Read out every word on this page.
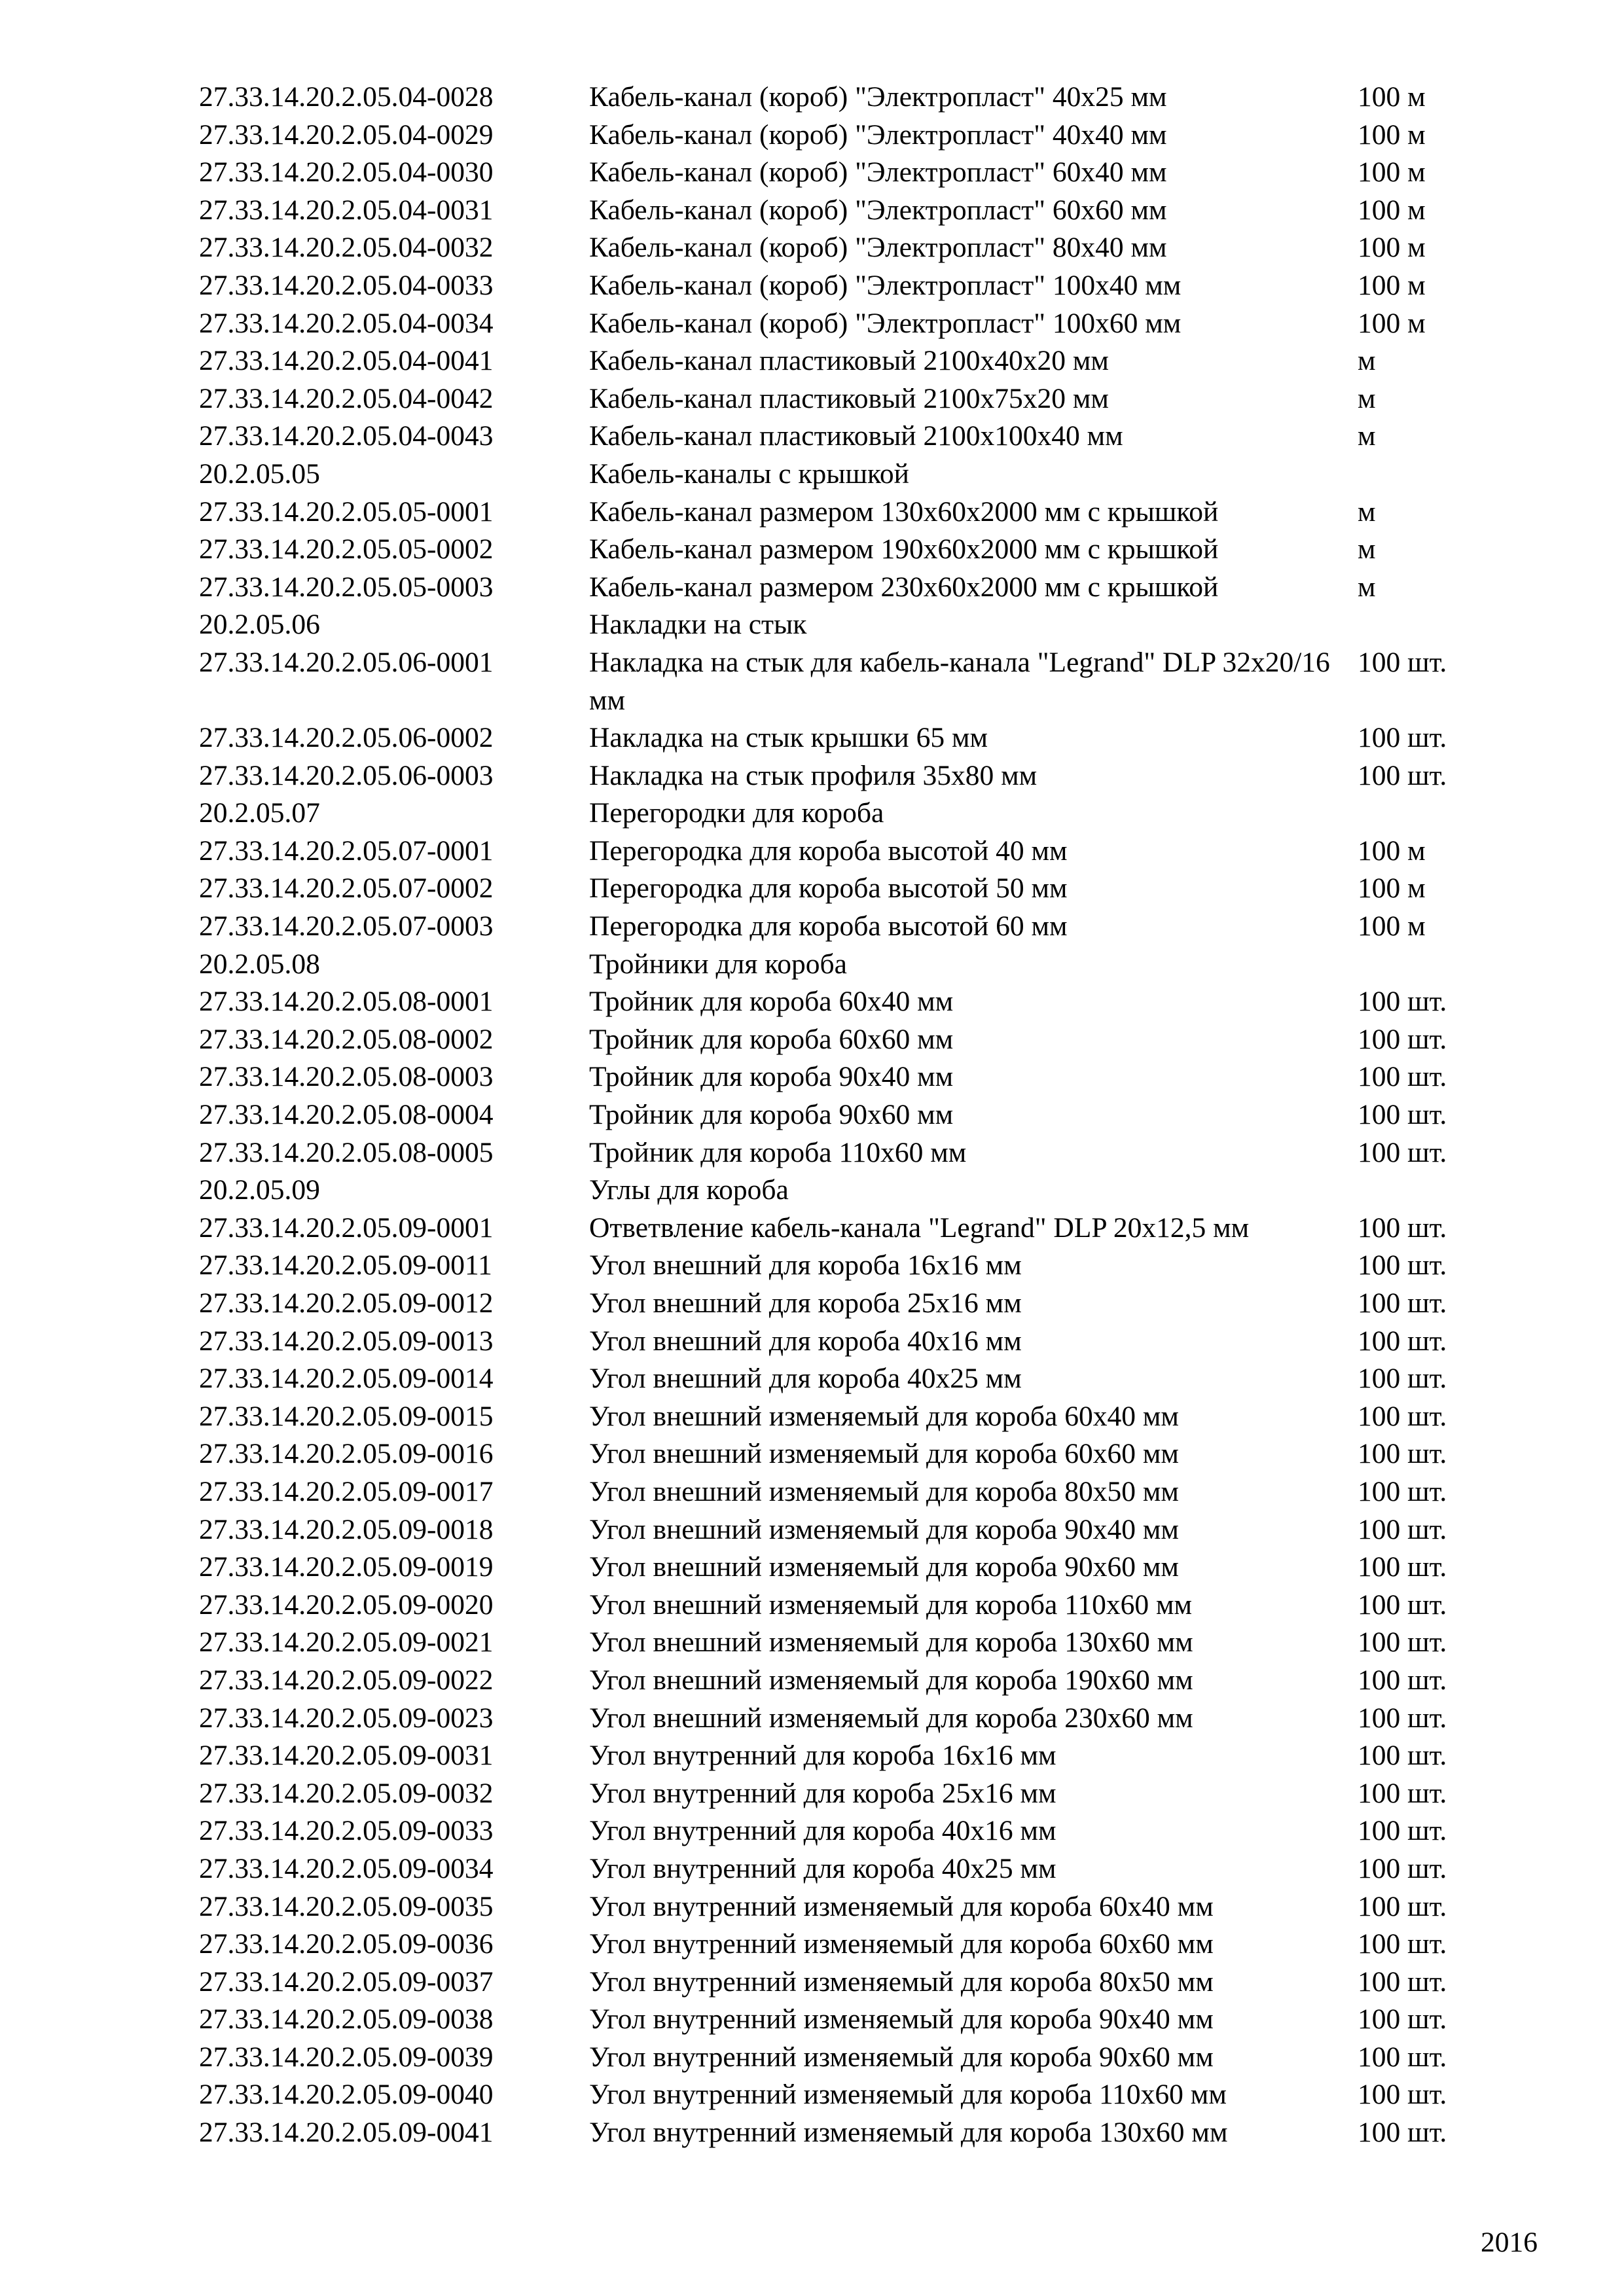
27.33.14.20.2.05.04-0028	Кабель-канал (короб) "Электропласт" 40х25 мм	100 м
27.33.14.20.2.05.04-0029	Кабель-канал (короб) "Электропласт" 40х40 мм	100 м
27.33.14.20.2.05.04-0030	Кабель-канал (короб) "Электропласт" 60х40 мм	100 м
27.33.14.20.2.05.04-0031	Кабель-канал (короб) "Электропласт" 60х60 мм	100 м
27.33.14.20.2.05.04-0032	Кабель-канал (короб) "Электропласт" 80х40 мм	100 м
27.33.14.20.2.05.04-0033	Кабель-канал (короб) "Электропласт" 100х40 мм	100 м
27.33.14.20.2.05.04-0034	Кабель-канал (короб) "Электропласт" 100х60 мм	100 м
27.33.14.20.2.05.04-0041	Кабель-канал пластиковый 2100х40х20 мм	м
27.33.14.20.2.05.04-0042	Кабель-канал пластиковый 2100х75х20 мм	м
27.33.14.20.2.05.04-0043	Кабель-канал пластиковый 2100х100х40 мм	м
20.2.05.05	Кабель-каналы с крышкой
27.33.14.20.2.05.05-0001	Кабель-канал размером 130х60х2000 мм с крышкой	м
27.33.14.20.2.05.05-0002	Кабель-канал размером 190х60х2000 мм с крышкой	м
27.33.14.20.2.05.05-0003	Кабель-канал размером 230х60х2000 мм с крышкой	м
20.2.05.06	Накладки на стык
27.33.14.20.2.05.06-0001	Накладка на стык для кабель-канала "Legrand" DLP 32х20/16 мм
100 шт.
27.33.14.20.2.05.06-0002	Накладка на стык крышки 65 мм	100 шт.
27.33.14.20.2.05.06-0003	Накладка на стык профиля 35х80 мм	100 шт.
20.2.05.07	Перегородки для короба
27.33.14.20.2.05.07-0001	Перегородка для короба высотой 40 мм	100 м
27.33.14.20.2.05.07-0002	Перегородка для короба высотой 50 мм	100 м
27.33.14.20.2.05.07-0003	Перегородка для короба высотой 60 мм	100 м
20.2.05.08	Тройники для короба
27.33.14.20.2.05.08-0001	Тройник для короба 60х40 мм	100 шт.
27.33.14.20.2.05.08-0002	Тройник для короба 60х60 мм	100 шт.
27.33.14.20.2.05.08-0003	Тройник для короба 90х40 мм	100 шт.
27.33.14.20.2.05.08-0004	Тройник для короба 90х60 мм	100 шт.
27.33.14.20.2.05.08-0005	Тройник для короба 110х60 мм	100 шт.
20.2.05.09	Углы для короба
27.33.14.20.2.05.09-0001	Ответвление кабель-канала "Legrand" DLP 20х12,5 мм	100 шт.
27.33.14.20.2.05.09-0011	Угол внешний для короба 16х16 мм	100 шт.
27.33.14.20.2.05.09-0012	Угол внешний для короба 25х16 мм	100 шт.
27.33.14.20.2.05.09-0013	Угол внешний для короба 40х16 мм	100 шт.
27.33.14.20.2.05.09-0014	Угол внешний для короба 40х25 мм	100 шт.
27.33.14.20.2.05.09-0015	Угол внешний изменяемый для короба 60х40 мм	100 шт.
27.33.14.20.2.05.09-0016	Угол внешний изменяемый для короба 60х60 мм	100 шт.
27.33.14.20.2.05.09-0017	Угол внешний изменяемый для короба 80х50 мм	100 шт.
27.33.14.20.2.05.09-0018	Угол внешний изменяемый для короба 90х40 мм	100 шт.
27.33.14.20.2.05.09-0019	Угол внешний изменяемый для короба 90х60 мм	100 шт.
27.33.14.20.2.05.09-0020	Угол внешний изменяемый для короба 110х60 мм	100 шт.
27.33.14.20.2.05.09-0021	Угол внешний изменяемый для короба 130х60 мм	100 шт.
27.33.14.20.2.05.09-0022	Угол внешний изменяемый для короба 190х60 мм	100 шт.
27.33.14.20.2.05.09-0023	Угол внешний изменяемый для короба 230х60 мм	100 шт.
27.33.14.20.2.05.09-0031	Угол внутренний для короба 16х16 мм	100 шт.
27.33.14.20.2.05.09-0032	Угол внутренний для короба 25х16 мм	100 шт.
27.33.14.20.2.05.09-0033	Угол внутренний для короба 40х16 мм	100 шт.
27.33.14.20.2.05.09-0034	Угол внутренний для короба 40х25 мм	100 шт.
27.33.14.20.2.05.09-0035	Угол внутренний изменяемый для короба 60х40 мм	100 шт.
27.33.14.20.2.05.09-0036	Угол внутренний изменяемый для короба 60х60 мм	100 шт.
27.33.14.20.2.05.09-0037	Угол внутренний изменяемый для короба 80х50 мм	100 шт.
27.33.14.20.2.05.09-0038	Угол внутренний изменяемый для короба 90х40 мм	100 шт.
27.33.14.20.2.05.09-0039	Угол внутренний изменяемый для короба 90х60 мм	100 шт.
27.33.14.20.2.05.09-0040	Угол внутренний изменяемый для короба 110х60 мм	100 шт.
27.33.14.20.2.05.09-0041	Угол внутренний изменяемый для короба 130х60 мм	100 шт.
2016
